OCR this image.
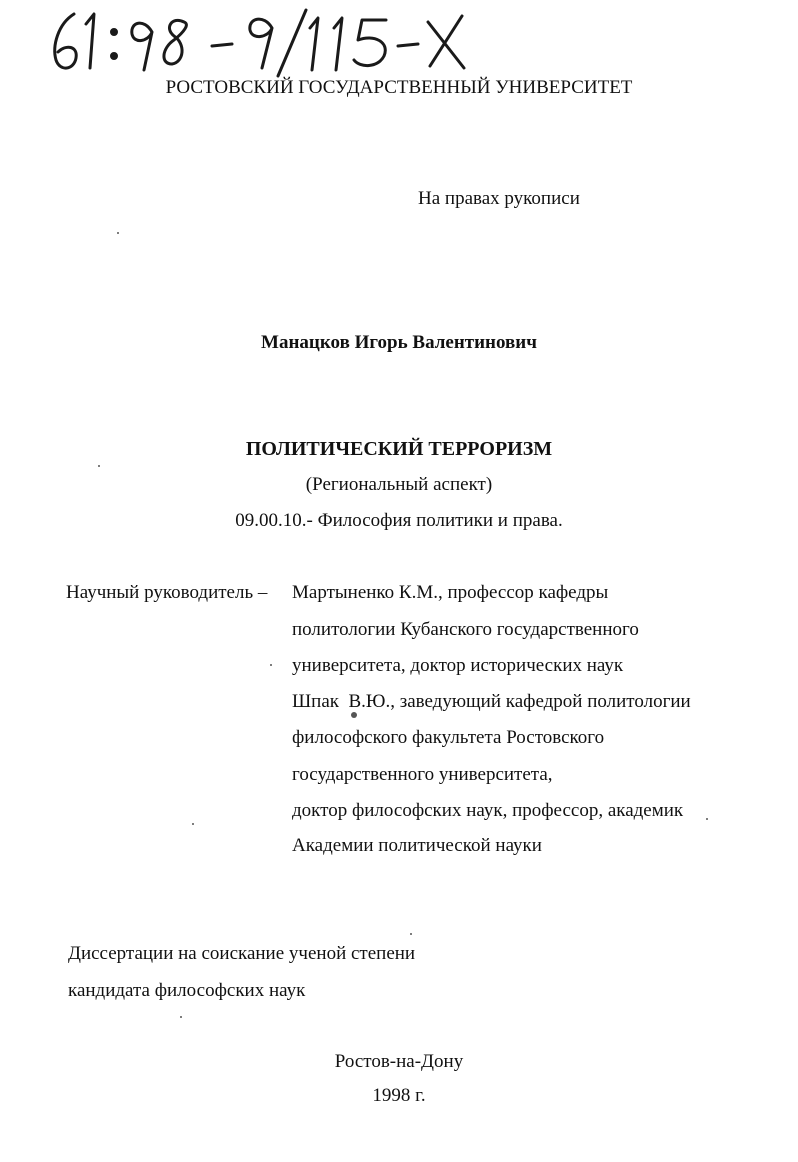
РОСТОВСКИЙ ГОСУДАРСТВЕННЫЙ УНИВЕРСИТЕТ
На правах рукописи
Манацков Игорь Валентинович
ПОЛИТИЧЕСКИЙ ТЕРРОРИЗМ
(Региональный аспект)
09.00.10.- Философия политики и права.
Научный руководитель – Мартыненко К.М., профессор кафедры
политологии Кубанского государственного
университета, доктор исторических наук
Шпак  В.Ю., заведующий кафедрой политологии
философского факультета Ростовского
государственного университета,
доктор философских наук, профессор, академик
Академии политической науки
Диссертации на соискание ученой степени
кандидата философских наук
Ростов-на-Дону
1998 г.
